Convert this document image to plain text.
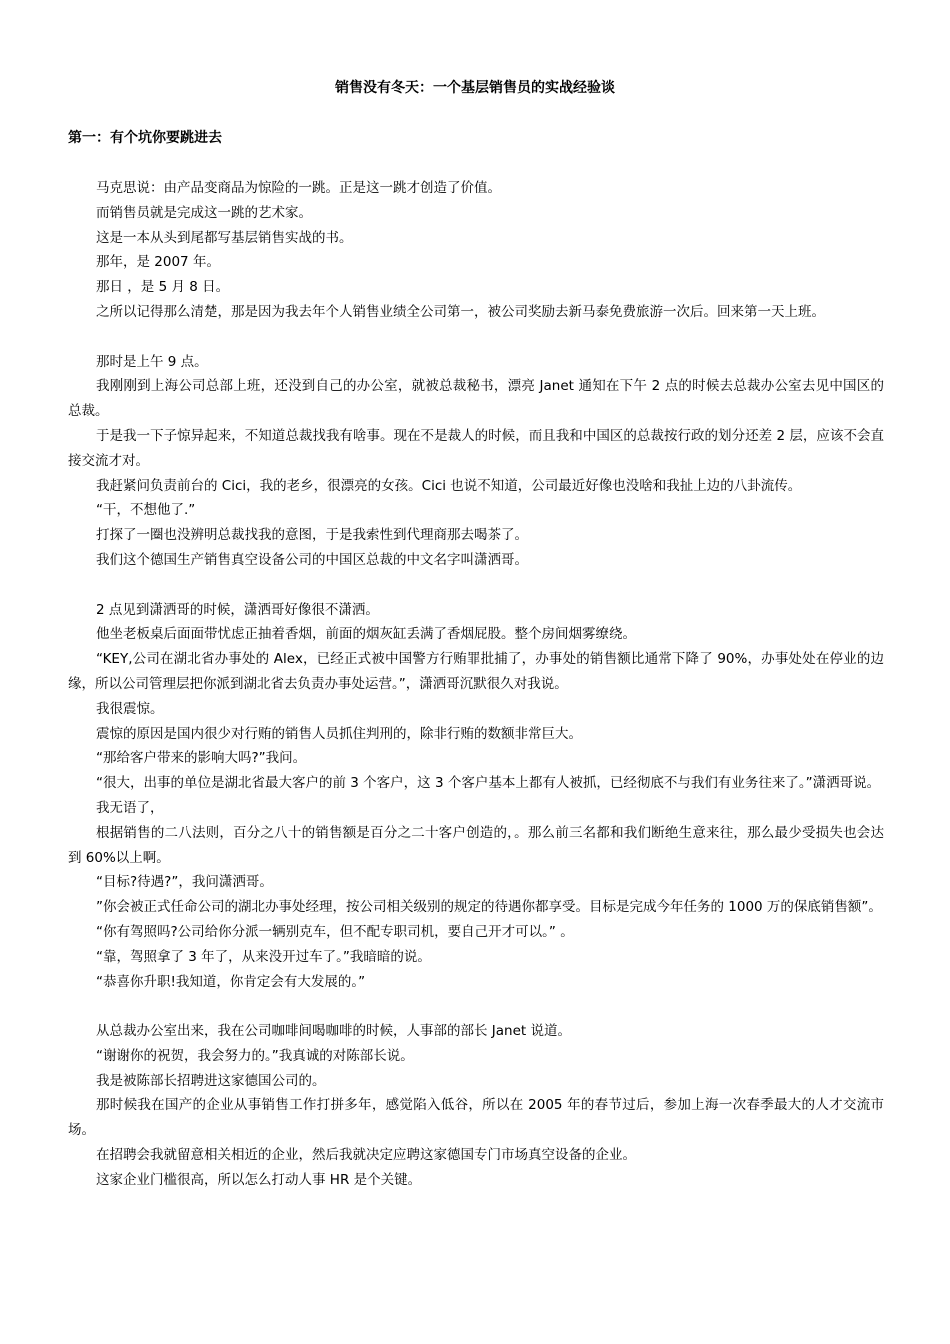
销售没有冬天：一个基层销售员的实战经验谈
第一：有个坑你要跳进去

马克思说：由产品变商品为惊险的一跳。正是这一跳才创造了价值。

而销售员就是完成这一跳的艺术家。

这是一本从头到尾都写基层销售实战的书。

那年，是 2007 年。

那日 ，是 5 月 8 日。

之所以记得那么清楚，那是因为我去年个人销售业绩全公司第一，被公司奖励去新马泰免费旅游一次后。回来第一天上班。

那时是上午 9 点。

我刚刚到上海公司总部上班，还没到自己的办公室，就被总裁秘书，漂亮 Janet 通知在下午 2 点的时候去总裁办公室去见中国区的总裁。

于是我一下子惊异起来，不知道总裁找我有啥事。现在不是裁人的时候，而且我和中国区的总裁按行政的划分还差 2 层，应该不会直接交流才对。

我赶紧问负责前台的 Cici，我的老乡，很漂亮的女孩。Cici 也说不知道，公司最近好像也没啥和我扯上边的八卦流传。

“干，不想他了.”

打探了一圈也没辨明总裁找我的意图，于是我索性到代理商那去喝茶了。

我们这个德国生产销售真空设备公司的中国区总裁的中文名字叫潇洒哥。

2 点见到潇洒哥的时候，潇洒哥好像很不潇洒。

他坐老板桌后面面带忧虑正抽着香烟，前面的烟灰缸丢满了香烟屁股。整个房间烟雾缭绕。

“KEY,公司在湖北省办事处的 Alex，已经正式被中国警方行贿罪批捕了，办事处的销售额比通常下降了 90%，办事处处在停业的边缘，所以公司管理层把你派到湖北省去负责办事处运营。”，潇洒哥沉默很久对我说。

我很震惊。

震惊的原因是国内很少对行贿的销售人员抓住判刑的，除非行贿的数额非常巨大。

“那给客户带来的影响大吗?”我问。

“很大，出事的单位是湖北省最大客户的前 3 个客户，这 3 个客户基本上都有人被抓，已经彻底不与我们有业务往来了。”潇洒哥说。

我无语了，

根据销售的二八法则，百分之八十的销售额是百分之二十客户创造的，。那么前三名都和我们断绝生意来往，那么最少受损失也会达到 60%以上啊。

“目标?待遇?”，我问潇洒哥。

”你会被正式任命公司的湖北办事处经理，按公司相关级别的规定的待遇你都享受。目标是完成今年任务的 1000 万的保底销售额”。

“你有驾照吗?公司给你分派一辆别克车，但不配专职司机，要自己开才可以。” 。

“靠，驾照拿了 3 年了，从来没开过车了。”我暗暗的说。

“恭喜你升职!我知道，你肯定会有大发展的。”

从总裁办公室出来，我在公司咖啡间喝咖啡的时候，人事部的部长 Janet 说道。

“谢谢你的祝贺，我会努力的。”我真诚的对陈部长说。

我是被陈部长招聘进这家德国公司的。

那时候我在国产的企业从事销售工作打拼多年，感觉陷入低谷，所以在 2005 年的春节过后，参加上海一次春季最大的人才交流市场。

在招聘会我就留意相关相近的企业，然后我就决定应聘这家德国专门市场真空设备的企业。

这家企业门槛很高，所以怎么打动人事 HR 是个关键。
